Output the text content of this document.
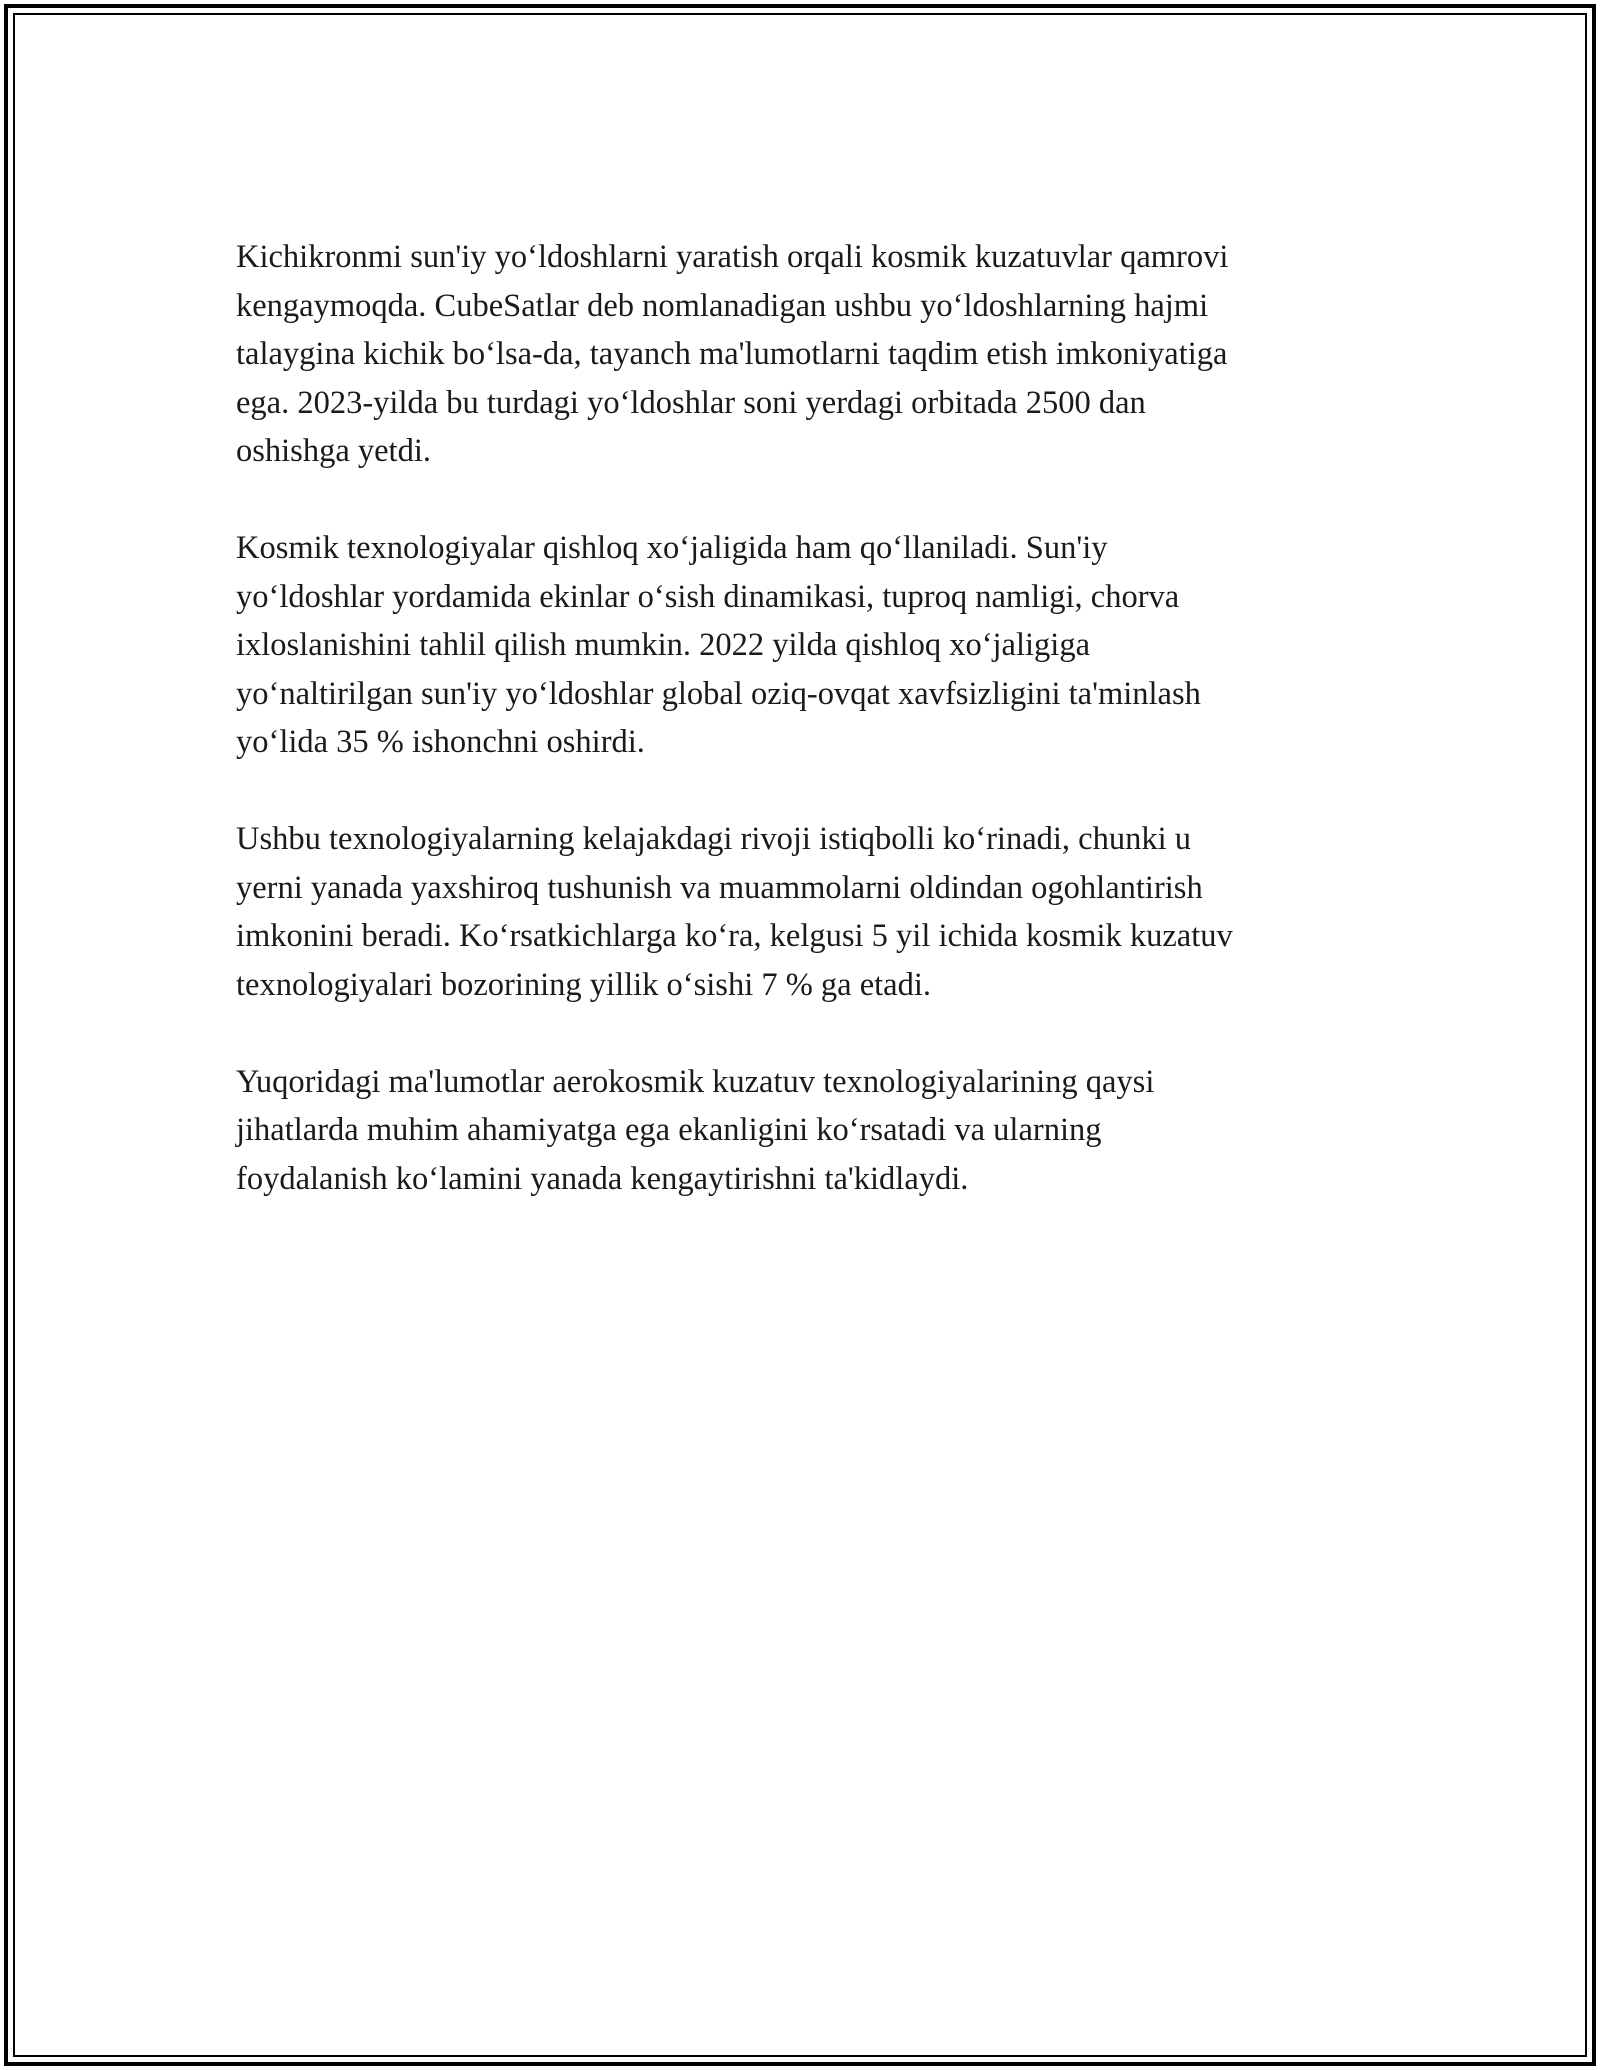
Kichikronmi sun'iy yoʻldoshlarni yaratish orqali kosmik kuzatuvlar qamrovi
kengaymoqda. CubeSatlar deb nomlanadigan ushbu yoʻldoshlarning hajmi
talaygina kichik boʻlsa-da, tayanch ma'lumotlarni taqdim etish imkoniyatiga
ega. 2023-yilda bu turdagi yoʻldoshlar soni yerdagi orbitada 2500 dan
oshishga yetdi.

Kosmik texnologiyalar qishloq xoʻjaligida ham qoʻllaniladi. Sun'iy
yoʻldoshlar yordamida ekinlar oʻsish dinamikasi, tuproq namligi, chorva
ixloslanishini tahlil qilish mumkin. 2022 yilda qishloq xoʻjaligiga
yoʻnaltirilgan sun'iy yoʻldoshlar global oziq-ovqat xavfsizligini ta'minlash
yoʻlida 35 % ishonchni oshirdi.

Ushbu texnologiyalarning kelajakdagi rivoji istiqbolli koʻrinadi, chunki u
yerni yanada yaxshiroq tushunish va muammolarni oldindan ogohlantirish
imkonini beradi. Koʻrsatkichlarga koʻra, kelgusi 5 yil ichida kosmik kuzatuv
texnologiyalari bozorining yillik oʻsishi 7 % ga etadi.

Yuqoridagi ma'lumotlar aerokosmik kuzatuv texnologiyalarining qaysi
jihatlarda muhim ahamiyatga ega ekanligini koʻrsatadi va ularning
foydalanish koʻlamini yanada kengaytirishni ta'kidlaydi.
